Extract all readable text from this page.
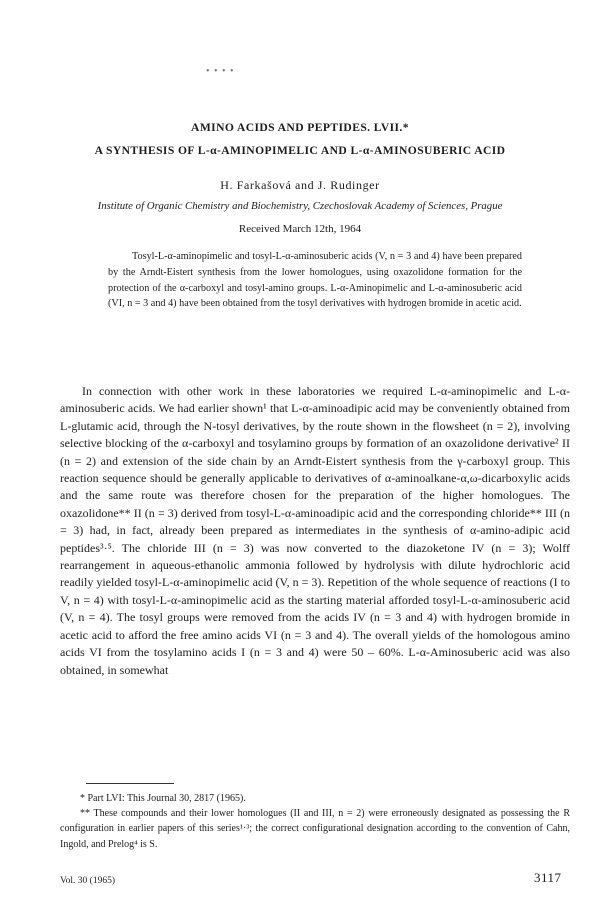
• • • •
AMINO ACIDS AND PEPTIDES. LVII.*
A SYNTHESIS OF L-α-AMINOPIMELIC AND L-α-AMINOSUBERIC ACID
H. Farkašová and J. Rudinger
Institute of Organic Chemistry and Biochemistry, Czechoslovak Academy of Sciences, Prague
Received March 12th, 1964

Tosyl-L-α-aminopimelic and tosyl-L-α-aminosuberic acids (V, n = 3 and 4) have been prepared by the Arndt-Eistert synthesis from the lower homologues, using oxazolidone formation for the protection of the α-carboxyl and tosyl-amino groups. L-α-Aminopimelic and L-α-aminosuberic acid (VI, n = 3 and 4) have been obtained from the tosyl derivatives with hydrogen bromide in acetic acid.

In connection with other work in these laboratories we required L-α-aminopimelic and L-α-aminosuberic acids. We had earlier shown¹ that L-α-aminoadipic acid may be conveniently obtained from L-glutamic acid, through the N-tosyl derivatives, by the route shown in the flowsheet (n = 2), involving selective blocking of the α-carboxyl and tosylamino groups by formation of an oxazolidone derivative² II (n = 2) and extension of the side chain by an Arndt-Eistert synthesis from the γ-carboxyl group. This reaction sequence should be generally applicable to derivatives of α-aminoalkane-α,ω-dicarboxylic acids and the same route was therefore chosen for the preparation of the higher homologues. The oxazolidone** II (n = 3) derived from tosyl-L-α-aminoadipic acid and the corresponding chloride** III (n = 3) had, in fact, already been prepared as intermediates in the synthesis of α-amino-adipic acid peptides³·⁵. The chloride III (n = 3) was now converted to the diazoketone IV (n = 3); Wolff rearrangement in aqueous-ethanolic ammonia followed by hydrolysis with dilute hydrochloric acid readily yielded tosyl-L-α-aminopimelic acid (V, n = 3). Repetition of the whole sequence of reactions (I to V, n = 4) with tosyl-L-α-aminopimelic acid as the starting material afforded tosyl-L-α-aminosuberic acid (V, n = 4). The tosyl groups were removed from the acids IV (n = 3 and 4) with hydrogen bromide in acetic acid to afford the free amino acids VI (n = 3 and 4). The overall yields of the homologous amino acids VI from the tosylamino acids I (n = 3 and 4) were 50 – 60%. L-α-Aminosuberic acid was also obtained, in somewhat

* Part LVI: This Journal 30, 2817 (1965).

** These compounds and their lower homologues (II and III, n = 2) were erroneously designated as possessing the R configuration in earlier papers of this series¹·³; the correct configurational designation according to the convention of Cahn, Ingold, and Prelog⁴ is S.

Vol. 30 (1965)	3117
